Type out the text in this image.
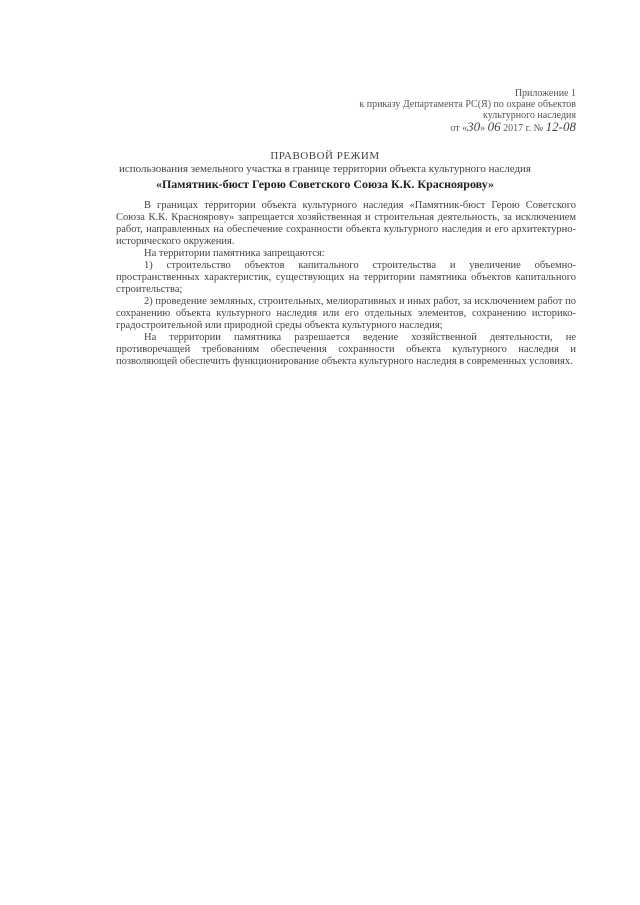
Приложение 1
к приказу Департамента РС(Я) по охране объектов
культурного наследия
от «30» 06 2017 г. № 12-08
ПРАВОВОЙ РЕЖИМ
использования земельного участка в границе территории объекта культурного наследия
«Памятник-бюст Герою Советского Союза К.К. Красноярову»

В границах территории объекта культурного наследия «Памятник-бюст Герою Советского Союза К.К. Краснояровy» запрещается хозяйственная и строительная деятельность, за исключением работ, направленных на обеспечение сохранности объекта культурного наследия и его архитектурно-исторического окружения.

На территории памятника запрещаются:

1) строительство объектов капитального строительства и увеличение объемно-пространственных характеристик, существующих на территории памятника объектов капитального строительства;

2) проведение земляных, строительных, мелиоративных и иных работ, за исключением работ по сохранению объекта культурного наследия или его отдельных элементов, сохранению историко-градостроительной или природной среды объекта культурного наследия;

На территории памятника разрешается ведение хозяйственной деятельности, не противоречащей требованиям обеспечения сохранности объекта культурного наследия и позволяющей обеспечить функционирование объекта культурного наследия в современных условиях.
